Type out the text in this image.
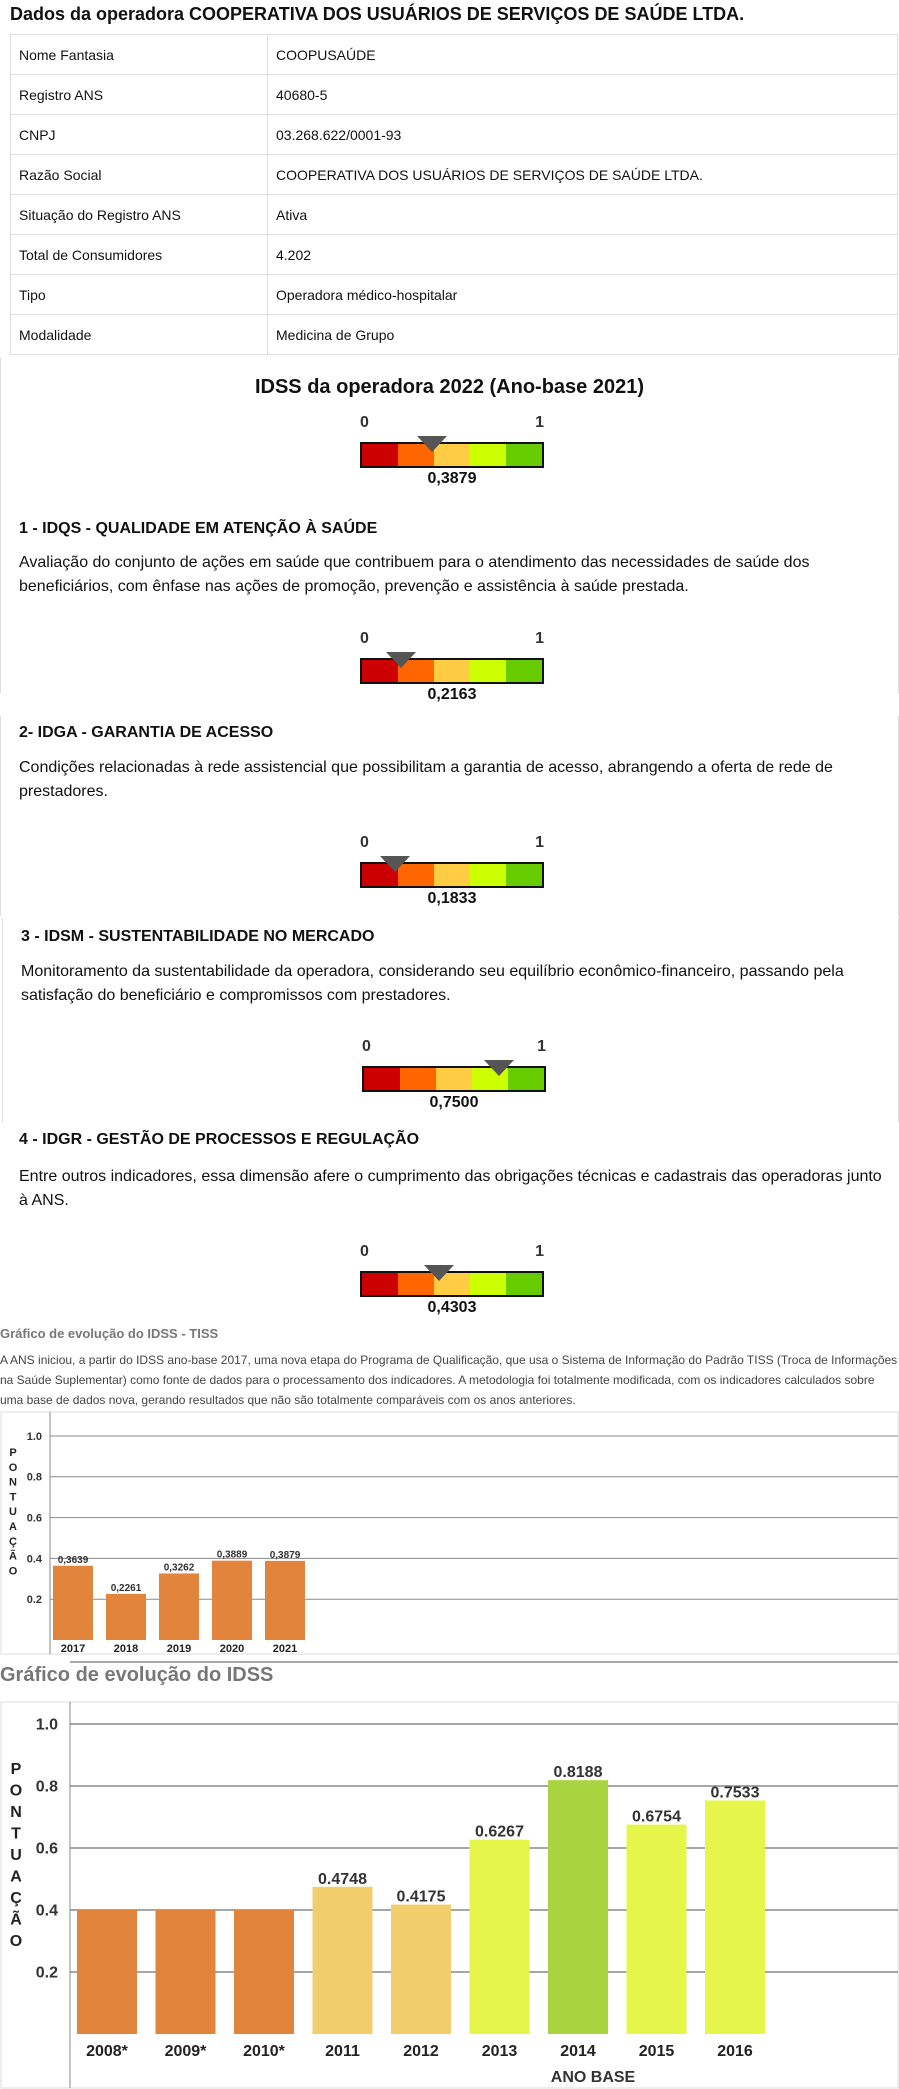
Dados da operadora COOPERATIVA DOS USUÁRIOS DE SERVIÇOS DE SAÚDE LTDA.
Nome Fantasia	COOPUSAÚDE
Registro ANS	40680-5
CNPJ	03.268.622/0001-93
Razão Social	COOPERATIVA DOS USUÁRIOS DE SERVIÇOS DE SAÚDE LTDA.
Situação do Registro ANS	Ativa
Total de Consumidores	4.202
Tipo	Operadora médico-hospitalar
Modalidade	Medicina de Grupo
IDSS da operadora 2022 (Ano-base 2021)
0	1
0,3879
1 - IDQS - QUALIDADE EM ATENÇÃO À SAÚDE
Avaliação do conjunto de ações em saúde que contribuem para o atendimento das necessidades de saúde dos beneficiários, com ênfase nas ações de promoção, prevenção e assistência à saúde prestada.
0	1
0,2163
2- IDGA - GARANTIA DE ACESSO
Condições relacionadas à rede assistencial que possibilitam a garantia de acesso, abrangendo a oferta de rede de prestadores.
0	1
0,1833
3 - IDSM - SUSTENTABILIDADE NO MERCADO
Monitoramento da sustentabilidade da operadora, considerando seu equilíbrio econômico-financeiro, passando pela satisfação do beneficiário e compromissos com prestadores.
0	1
0,7500
4 - IDGR - GESTÃO DE PROCESSOS E REGULAÇÃO
Entre outros indicadores, essa dimensão afere o cumprimento das obrigações técnicas e cadastrais das operadoras junto à ANS.
0	1
0,4303
Gráfico de evolução do IDSS - TISS
A ANS iniciou, a partir do IDSS ano-base 2017, uma nova etapa do Programa de Qualificação, que usa o Sistema de Informação do Padrão TISS (Troca de Informações na Saúde Suplementar) como fonte de dados para o processamento dos indicadores. A metodologia foi totalmente modificada, com os indicadores calculados sobre uma base de dados nova, gerando resultados que não são totalmente comparáveis com os anos anteriores.
0.2
0.4
0.6
0.8
1.0
P
O
N
T
U
A
Ç
Ã
O
0,3639
2017
0,2261
2018
0,3262
2019
0,3889
2020
0,3879
2021
0.2
0.4
0.6
0.8
1.0
P
O
N
T
U
A
Ç
Ã
O
2008* 2009* 2010*
0.4748
2011
0.4175
2012
0.6267
2013
0.8188
2014
0.6754
2015
0.7533
2016
ANO BASE
Gráfico de evolução do IDSS
